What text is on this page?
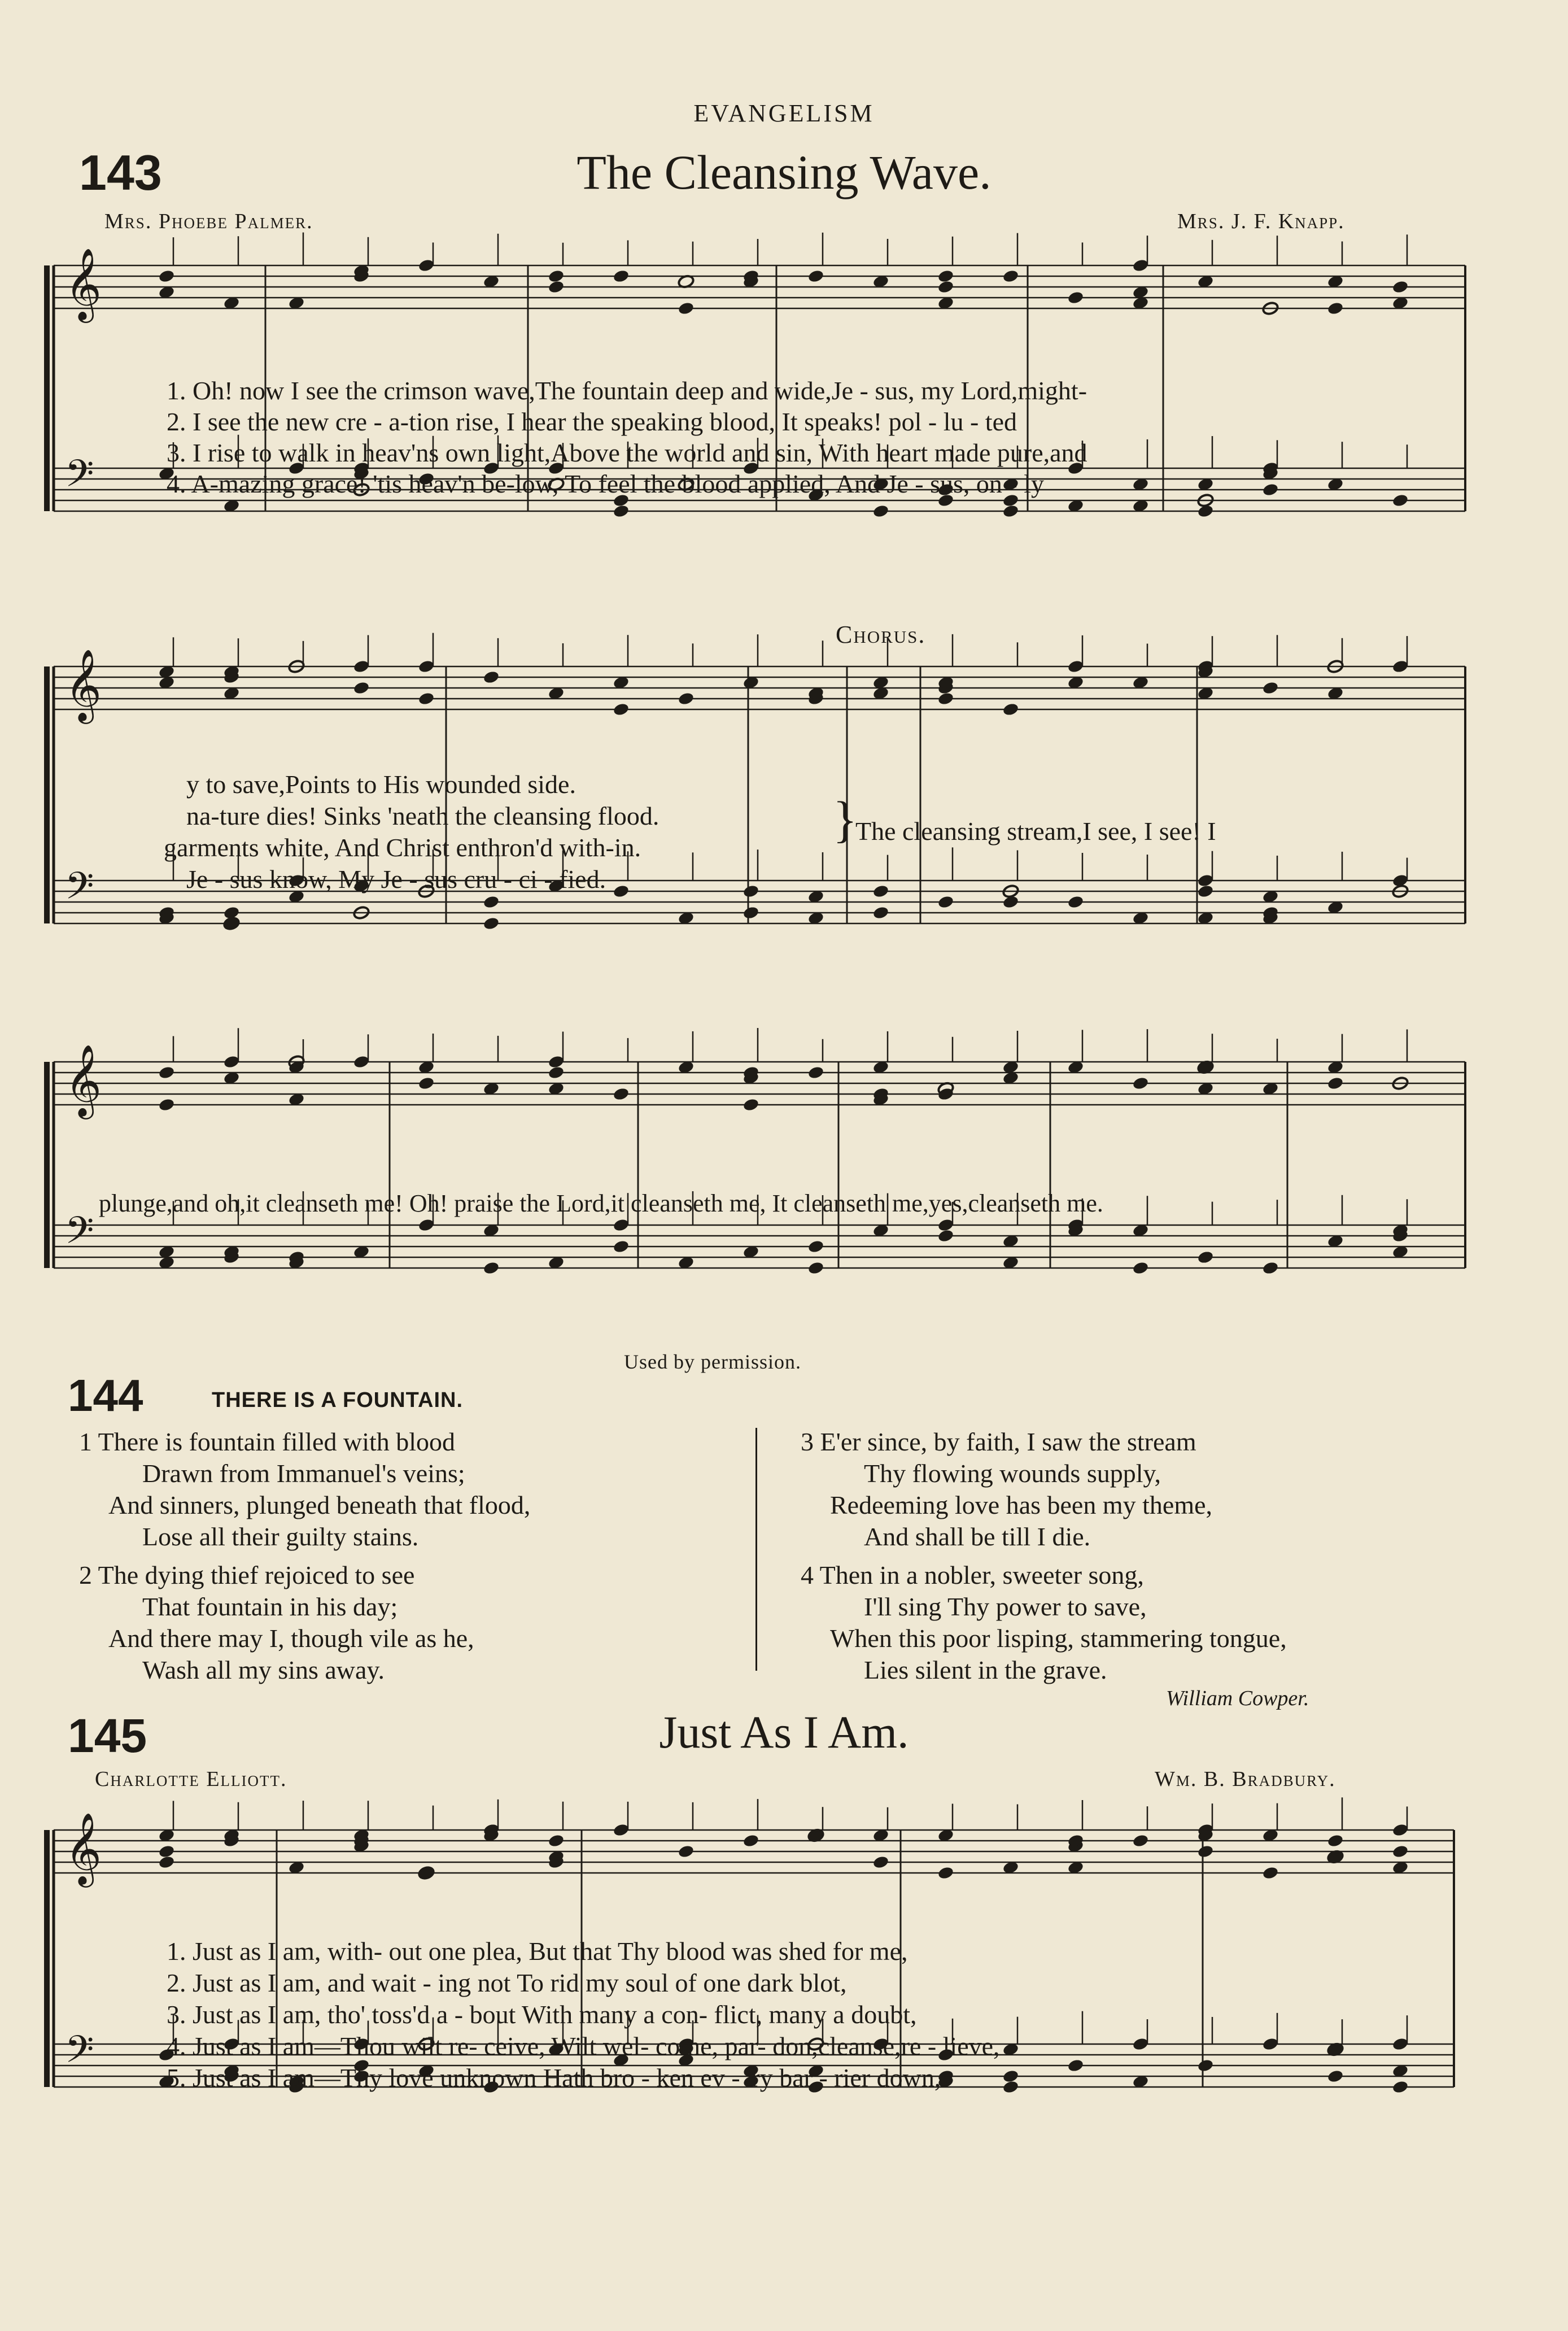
EVANGELISM
143	The Cleansing Wave.
Mrs. Phoebe Palmer.	Mrs. J. F. Knapp.
𝄞
𝄢
𝄞
𝄢
𝄞
𝄢
𝄞
𝄢
1. Oh! now I see the crimson wave,The fountain deep and wide,Je - sus, my Lord,might-
2. I see the new cre - a-tion rise, I hear the speaking blood, It speaks! pol - lu - ted
3. I rise to walk in heav'ns own light,Above the world and sin, With heart made pure,and
4. A-mazing grace! 'tis heav'n be-low, To feel the blood applied, And Je - sus, on - ly
Chorus.
y to save,Points to His wounded side.
na-ture dies! Sinks 'neath the cleansing flood.
garments white, And Christ enthron'd with-in.
Je - sus know, My Je - sus cru - ci - fied.
}
The cleansing stream,I see, I see! I
plunge,and oh,it cleanseth me! Oh! praise the Lord,it cleanseth me, It cleanseth me,yes,cleanseth me.
Used by permission.
144	THERE IS A FOUNTAIN.
1 There is fountain filled with blood
Drawn from Immanuel's veins;
And sinners, plunged beneath that flood,
Lose all their guilty stains.
2 The dying thief rejoiced to see
That fountain in his day;
And there may I, though vile as he,
Wash all my sins away.
3 E'er since, by faith, I saw the stream
Thy flowing wounds supply,
Redeeming love has been my theme,
And shall be till I die.
4 Then in a nobler, sweeter song,
I'll sing Thy power to save,
When this poor lisping, stammering tongue,
Lies silent in the grave.
William Cowper.
145	Just As I Am.
Charlotte Elliott.	Wm. B. Bradbury.
1. Just as I am, with- out one plea, But that Thy blood was shed for me,
2. Just as I am, and wait - ing not To rid my soul of one dark blot,
3. Just as I am, tho' toss'd a - bout With many a con- flict, many a doubt,
4. Just as I am—Thou wilt re- ceive, Wilt wel- come, par- don,cleanse,re - lieve,
5. Just as I am—Thy love unknown Hath bro - ken ev - 'ry bar - rier down,
